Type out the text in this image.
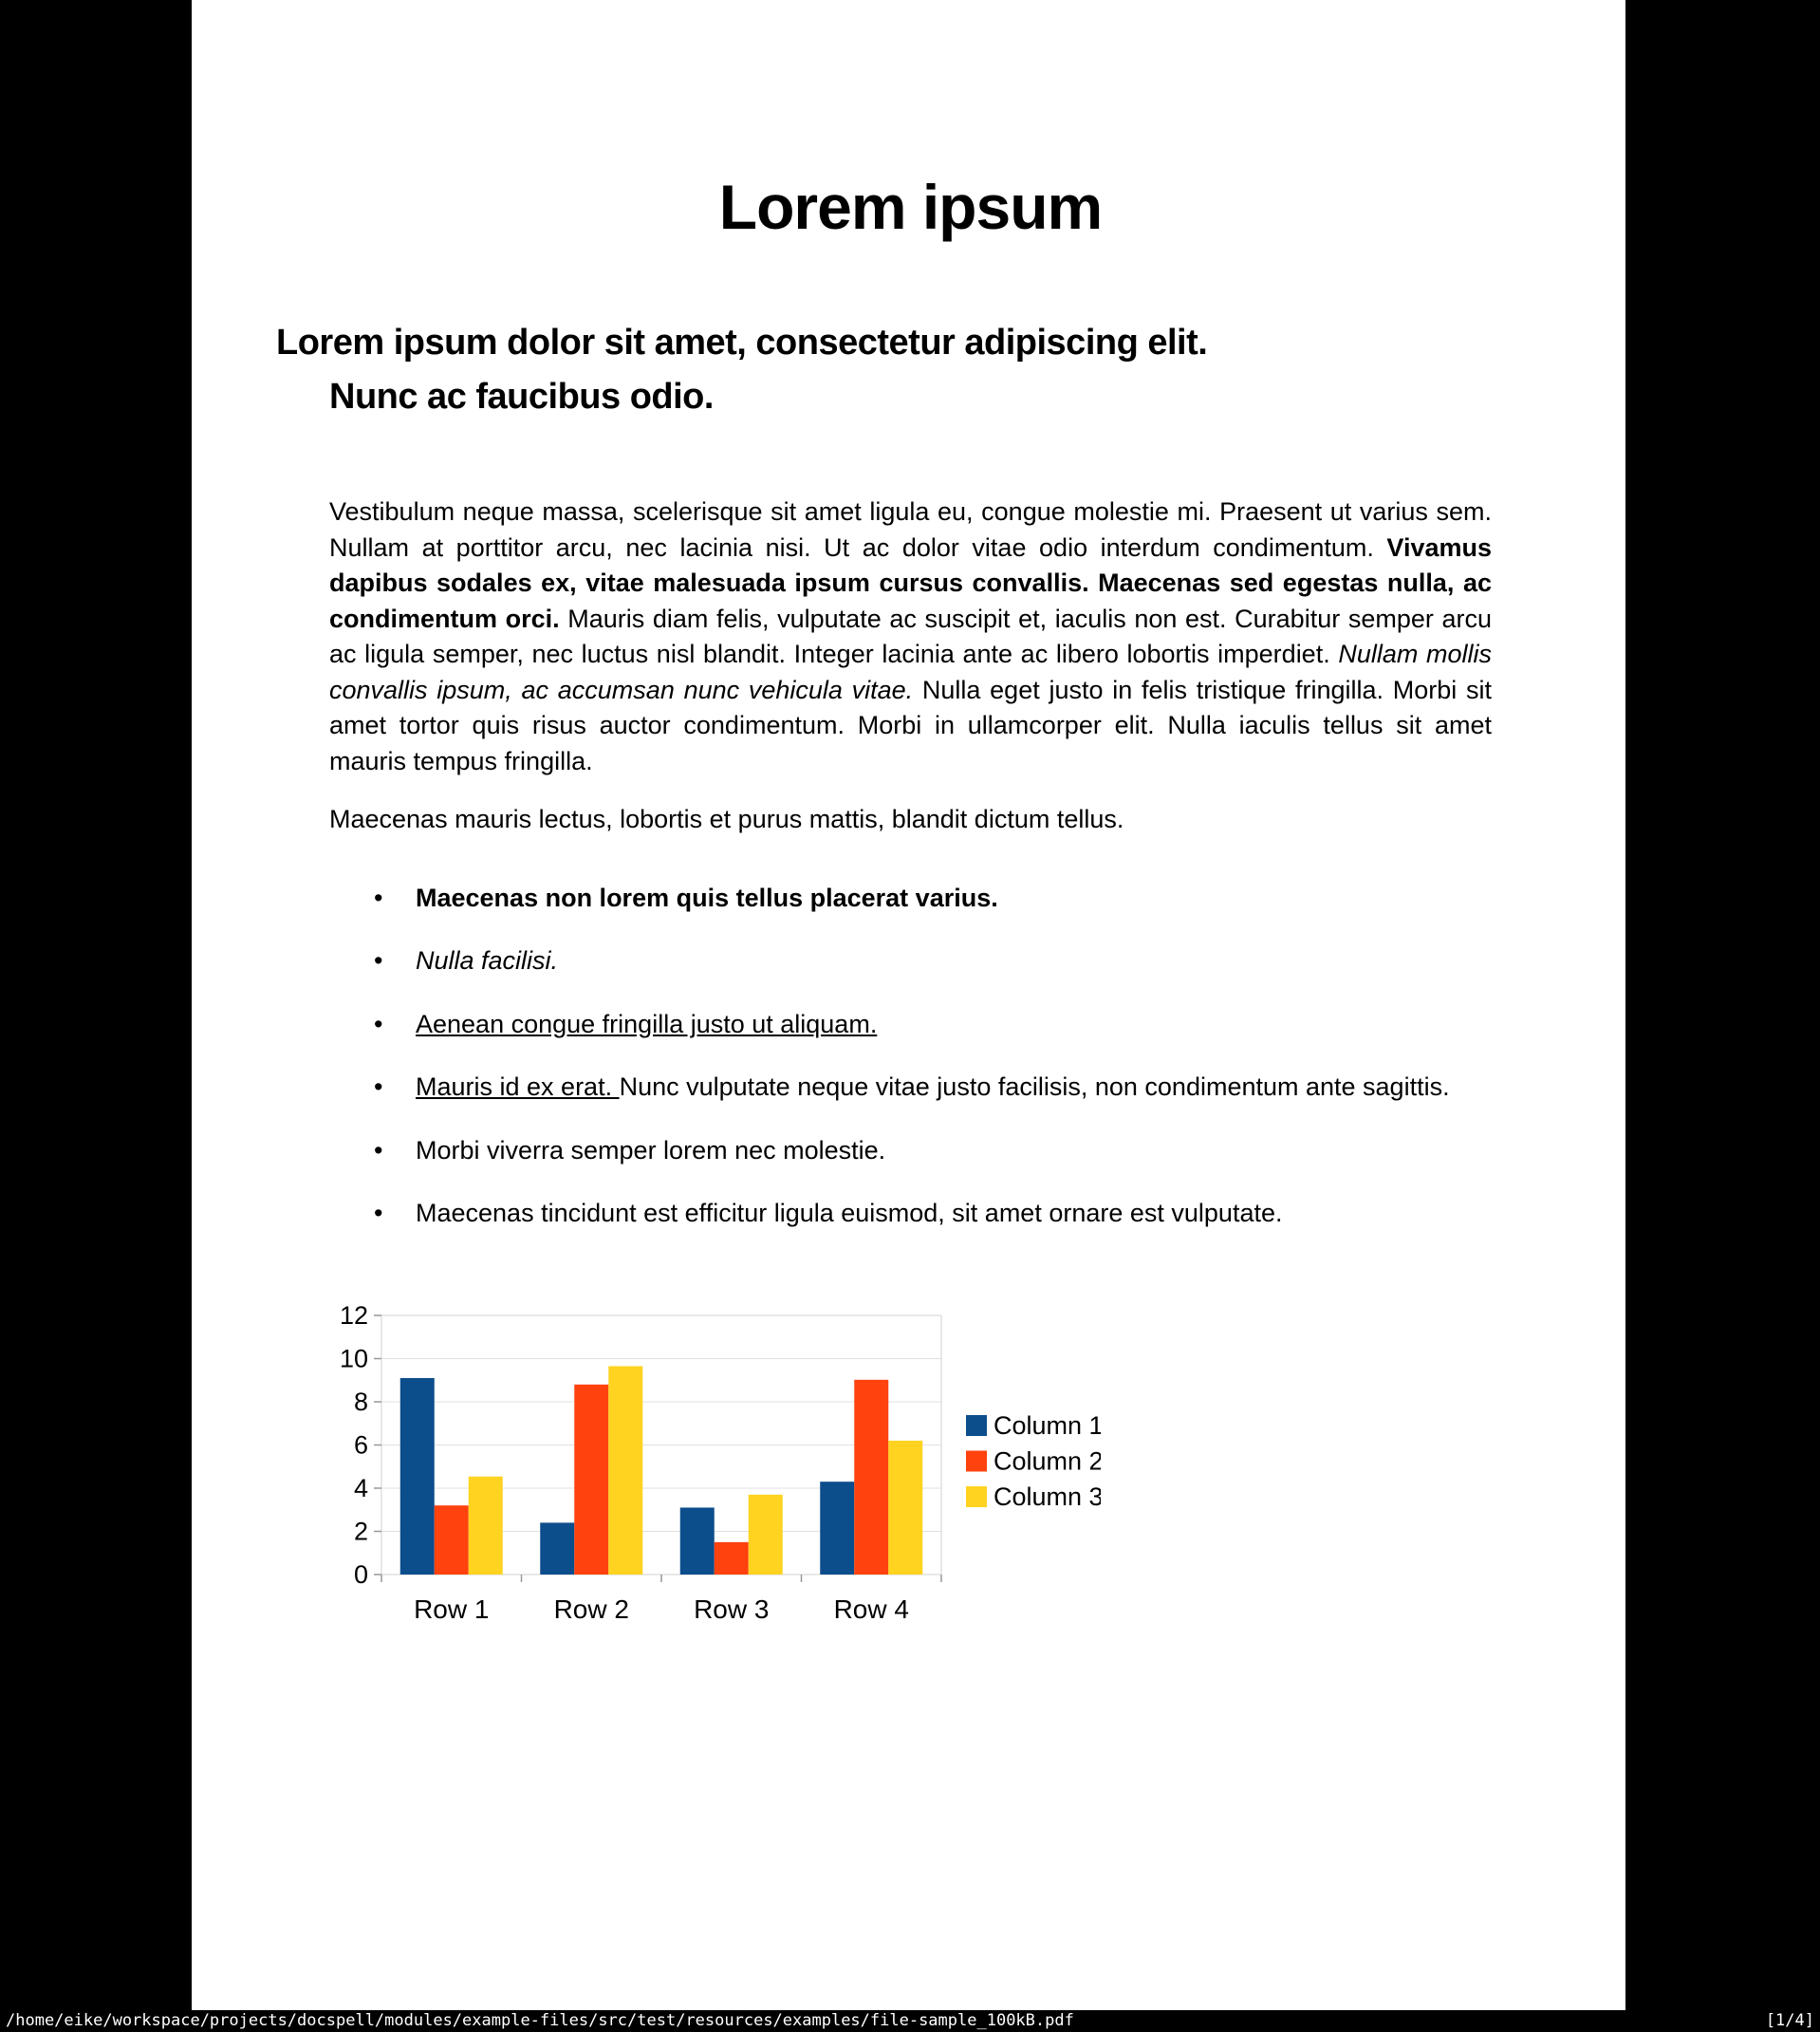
Lorem ipsum
Lorem ipsum dolor sit amet, consectetur adipiscing elit.
Nunc ac faucibus odio.

Vestibulum neque massa, scelerisque sit amet ligula eu, congue molestie mi. Praesent ut varius sem. Nullam at porttitor arcu, nec lacinia nisi. Ut ac dolor vitae odio interdum condimentum. Vivamus dapibus sodales ex, vitae malesuada ipsum cursus convallis. Maecenas sed egestas nulla, ac condimentum orci. Mauris diam felis, vulputate ac suscipit et, iaculis non est. Curabitur semper arcu ac ligula semper, nec luctus nisl blandit. Integer lacinia ante ac libero lobortis imperdiet. Nullam mollis convallis ipsum, ac accumsan nunc vehicula vitae. Nulla eget justo in felis tristique fringilla. Morbi sit amet tortor quis risus auctor condimentum. Morbi in ullamcorper elit. Nulla iaculis tellus sit amet mauris tempus fringilla.

Maecenas mauris lectus, lobortis et purus mattis, blandit dictum tellus.

• Maecenas non lorem quis tellus placerat varius.
• Nulla facilisi.
• Aenean congue fringilla justo ut aliquam.
• Mauris id ex erat. Nunc vulputate neque vitae justo facilisis, non condimentum ante sagittis.
• Morbi viverra semper lorem nec molestie.
• Maecenas tincidunt est efficitur ligula euismod, sit amet ornare est vulputate.
0
2
4
6
8
10
12
Row 1 Row 2 Row 3 Row 4
Column 1
Column 2
Column 3
/home/eike/workspace/projects/docspell/modules/example-files/src/test/resources/examples/file-sample_100kB.pdf	[1/4]
